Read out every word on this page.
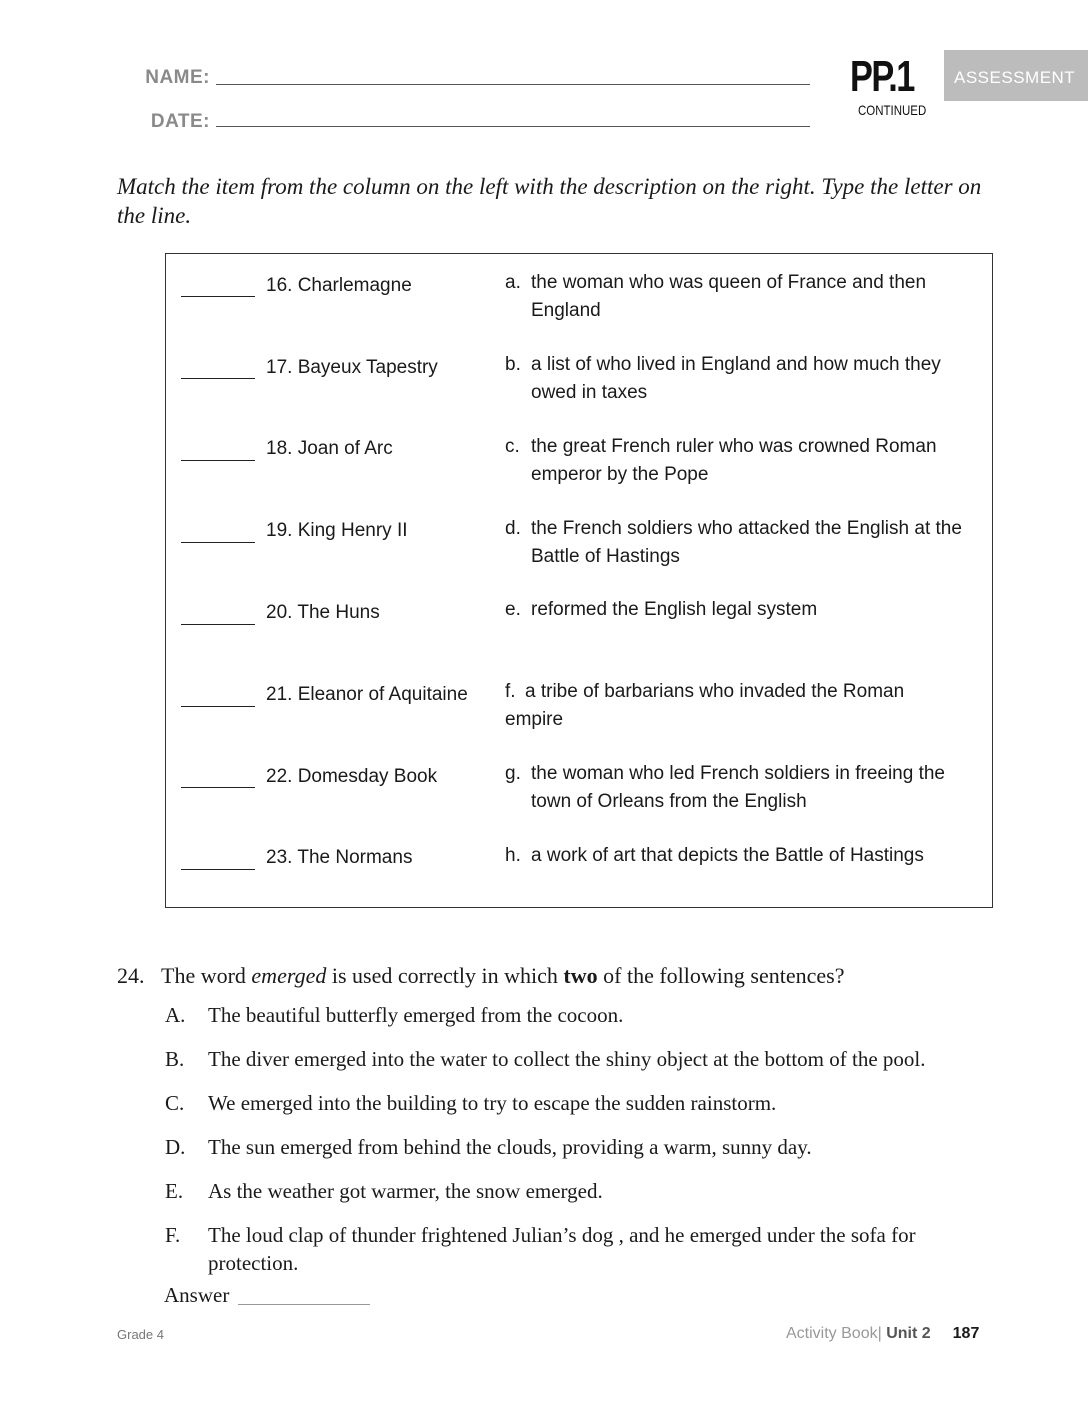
NAME:
DATE:
PP.1
CONTINUED
ASSESSMENT
Match the item from the column on the left with the description on the right. Type the letter on the line.
16. Charlemagne
17. Bayeux Tapestry
18. Joan of Arc
19. King Henry II
20. The Huns
21. Eleanor of Aquitaine
22. Domesday Book
23. The Normans
a. the woman who was queen of France and then
England
b. a list of who lived in England and how much they
owed in taxes
c. the great French ruler who was crowned Roman
emperor by the Pope
d. the French soldiers who attacked the English at the
Battle of Hastings
e. reformed the English legal system
f. a tribe of barbarians who invaded the Roman
empire
g. the woman who led French soldiers in freeing the
town of Orleans from the English
h. a work of art that depicts the Battle of Hastings
24. The word emerged is used correctly in which two of the following sentences?
A. The beautiful butterfly emerged from the cocoon.
B. The diver emerged into the water to collect the shiny object at the bottom of the pool.
C. We emerged into the building to try to escape the sudden rainstorm.
D. The sun emerged from behind the clouds, providing a warm, sunny day.
E. As the weather got warmer, the snow emerged.
F. The loud clap of thunder frightened Julian’s dog , and he emerged under the sofa for protection.
Answer
Grade 4	Activity Book| Unit 2 187
